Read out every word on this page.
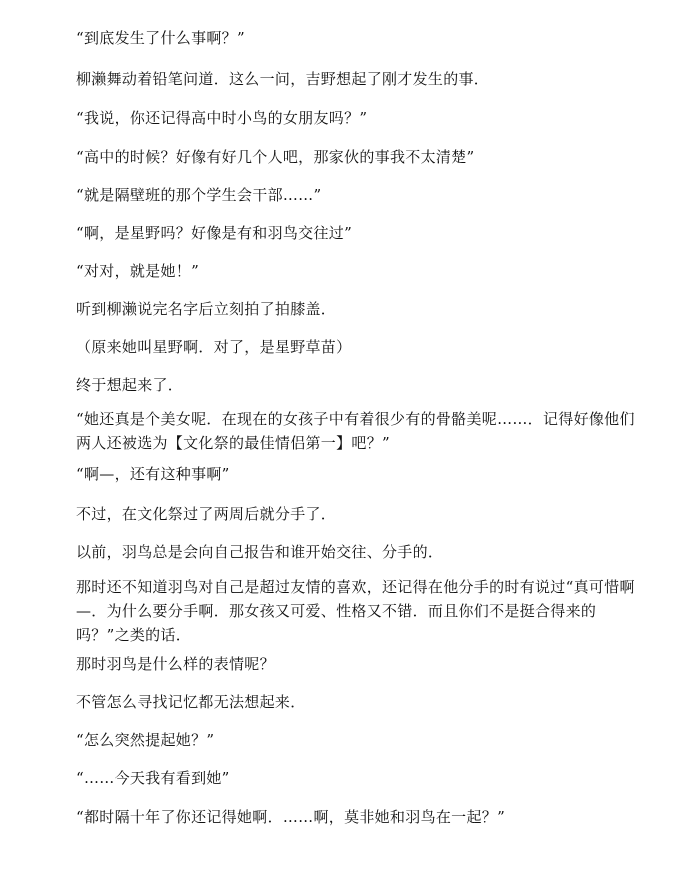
“到底发生了什么事啊？”

柳濑舞动着铅笔问道．这么一问，吉野想起了刚才发生的事．

“我说，你还记得高中时小鸟的女朋友吗？”

“高中的时候？好像有好几个人吧，那家伙的事我不太清楚”

“就是隔壁班的那个学生会干部……”

“啊，是星野吗？好像是有和羽鸟交往过”

“对对，就是她！”

听到柳濑说完名字后立刻拍了拍膝盖．

（原来她叫星野啊．对了，是星野草苗）

终于想起来了．

“她还真是个美女呢．在现在的女孩子中有着很少有的骨骼美呢……．记得好像他们两人还被选为【文化祭的最佳情侣第一】吧？”

“啊—，还有这种事啊”

不过，在文化祭过了两周后就分手了．

以前，羽鸟总是会向自己报告和谁开始交往、分手的．

那时还不知道羽鸟对自己是超过友情的喜欢，还记得在他分手的时有说过“真可惜啊—．为什么要分手啊．那女孩又可爱、性格又不错．而且你们不是挺合得来的吗？”之类的话．

那时羽鸟是什么样的表情呢？

不管怎么寻找记忆都无法想起来．

“怎么突然提起她？”

“……今天我有看到她”

“都时隔十年了你还记得她啊．……啊，莫非她和羽鸟在一起？”
